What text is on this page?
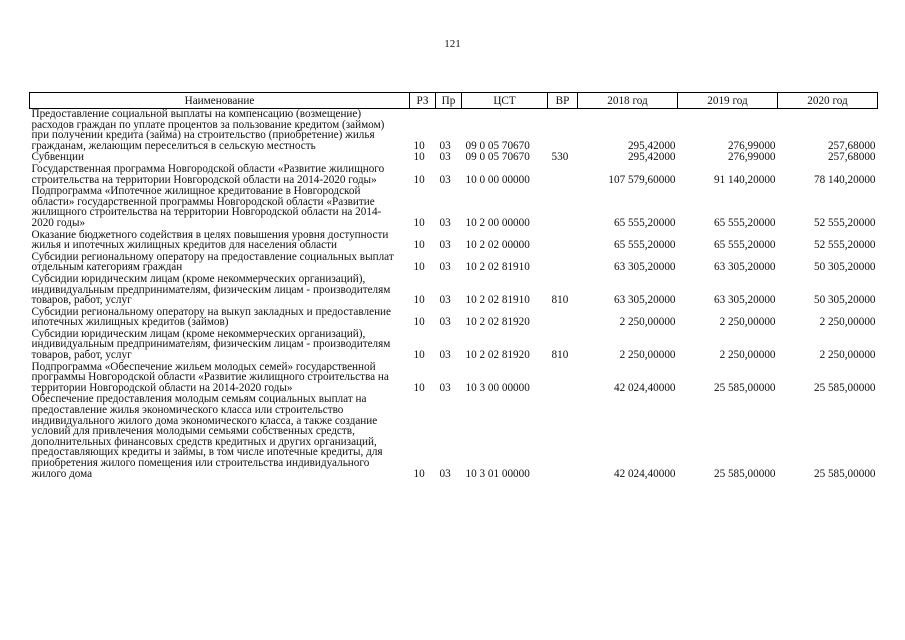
121
Наименование	РЗ	Пр	ЦСТ	ВР	2018 год	2019 год	2020 год
Предоставление социальной выплаты на компенсацию (возмещение) расходов граждан по уплате процентов за пользование кредитом (займом) при получении кредита (займа) на строительство (приобретение) жилья гражданам, желающим переселиться в сельскую местность	10	03	09 0 05 70670		295,42000	276,99000	257,68000
Субвенции	10	03	09 0 05 70670	530	295,42000	276,99000	257,68000
Государственная программа Новгородской области «Развитие жилищного строительства на территории Новгородской области на 2014-2020 годы»	10	03	10 0 00 00000		107 579,60000	91 140,20000	78 140,20000
Подпрограмма «Ипотечное жилищное кредитование в Новгородской области» государственной программы Новгородской области «Развитие жилищного строительства на территории Новгородской области на 2014-2020 годы»	10	03	10 2 00 00000		65 555,20000	65 555,20000	52 555,20000
Оказание бюджетного содействия в целях повышения уровня доступности жилья и ипотечных жилищных кредитов для населения области	10	03	10 2 02 00000		65 555,20000	65 555,20000	52 555,20000
Субсидии региональному оператору на предоставление социальных выплат отдельным категориям граждан	10	03	10 2 02 81910		63 305,20000	63 305,20000	50 305,20000
Субсидии юридическим лицам (кроме некоммерческих организаций), индивидуальным предпринимателям, физическим лицам - производителям товаров, работ, услуг	10	03	10 2 02 81910	810	63 305,20000	63 305,20000	50 305,20000
Субсидии региональному оператору на выкуп закладных и предоставление ипотечных жилищных кредитов (займов)	10	03	10 2 02 81920		2 250,00000	2 250,00000	2 250,00000
Субсидии юридическим лицам (кроме некоммерческих организаций), индивидуальным предпринимателям, физическим лицам - производителям товаров, работ, услуг	10	03	10 2 02 81920	810	2 250,00000	2 250,00000	2 250,00000
Подпрограмма «Обеспечение жильем молодых семей» государственной программы Новгородской области «Развитие жилищного строительства на территории Новгородской области на 2014-2020 годы»	10	03	10 3 00 00000		42 024,40000	25 585,00000	25 585,00000
Обеспечение предоставления молодым семьям социальных выплат на предоставление жилья экономического класса или строительство индивидуального жилого дома экономического класса, а также создание условий для привлечения молодыми семьями собственных средств, дополнительных финансовых средств кредитных и других организаций, предоставляющих кредиты и займы, в том числе ипотечные кредиты, для приобретения жилого помещения или строительства индивидуального жилого дома	10	03	10 3 01 00000		42 024,40000	25 585,00000	25 585,00000
